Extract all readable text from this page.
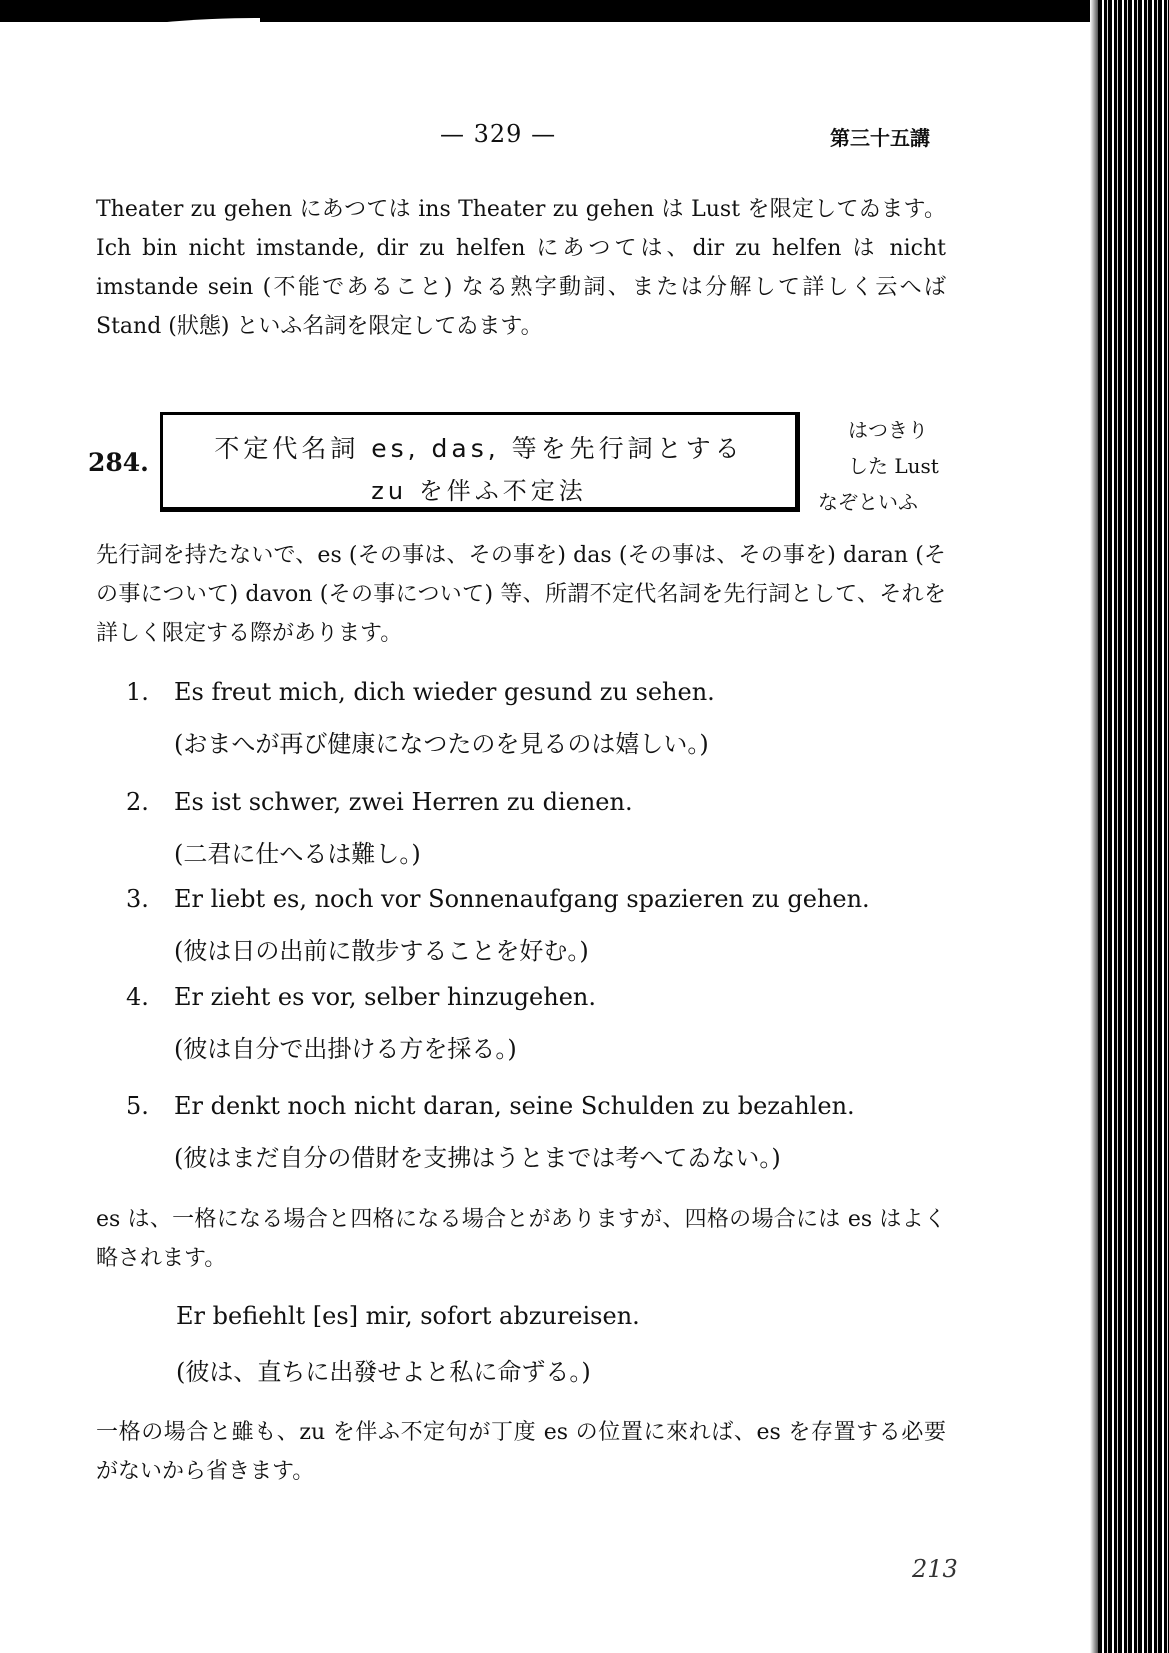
— 329 —	第三十五講
Theater zu gehen にあつては ins Theater zu gehen は Lust を限定してゐます。Ich bin nicht imstande, dir zu helfen にあつては、dir zu helfen は nicht imstande sein (不能であること) なる熟字動詞、または分解して詳しく云へば Stand (狀態) といふ名詞を限定してゐます。
284.	不定代名詞 es, das, 等を先行詞とする
zu を伴ふ不定法
はつきり
した Lust
なぞといふ
先行詞を持たないで、es (その事は、その事を) das (その事は、その事を) daran (その事について) davon (その事について) 等、所謂不定代名詞を先行詞として、それを詳しく限定する際があります。
1. Es freut mich, dich wieder gesund zu sehen.
(おまへが再び健康になつたのを見るのは嬉しい。)
2. Es ist schwer, zwei Herren zu dienen.
(二君に仕へるは難し。)
3. Er liebt es, noch vor Sonnenaufgang spazieren zu gehen.
(彼は日の出前に散步することを好む。)
4. Er zieht es vor, selber hinzugehen.
(彼は自分で出掛ける方を採る。)
5. Er denkt noch nicht daran, seine Schulden zu bezahlen.
(彼はまだ自分の借財を支拂はうとまでは考へてゐない。)
es は、一格になる場合と四格になる場合とがありますが、四格の場合には es はよく略されます。
Er befiehlt [es] mir, sofort abzureisen.
(彼は、直ちに出發せよと私に命ずる。)
一格の場合と雖も、zu を伴ふ不定句が丁度 es の位置に來れば、es を存置する必要がないから省きます。
213
